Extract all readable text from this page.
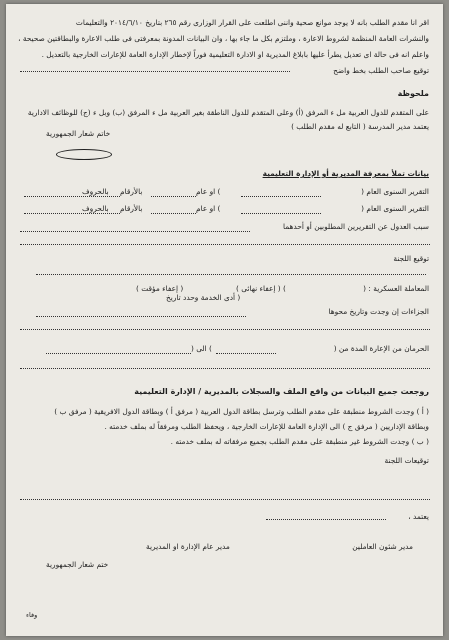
اقر انا مقدم الطلب بانه لا يوجد موانع صحية واننى اطلعت على القرار الوزارى رقم ٢٦٥ بتاريخ ٢٠١٤/٦/١٠ والتعليمات
والنشرات العامة المنظمة لشروط الاعارة ، وملتزم بكل ما جاء بها ، وان البيانات المدونة بمعرفتى فى طلب الاعارة والبطاقتين صحيحة ،
واعلم انه فى حالة اى تعديل يطرأ عليها بابلاغ المديرية او الادارة التعليمية فوراً لإخطار الإدارة العامة للإعارات الخارجية بالتعديل .
توقيع صاحب الطلب بخط واضح
ملحوظة
على المتقدم للدول العربية مل ء المرفق (أ) وعلى المتقدم للدول الناطقة بغير العربية مل ء المرفق (ب) وبل ء (ج) للوظائف الادارية
يعتمد مدير المدرسة ( التابع له مقدم الطلب )
خاتم شعار الجمهورية
بيانات تملأ بمعرفة المديرية أو الإدارة التعليمية
التقرير السنوى العام (
) او عام
بالأرقام
بالحروف
التقرير السنوى العام (
) او عام
بالأرقام
بالحروف
سبب العدول عن التقريرين المطلوبين أو أحدهما
توقيع اللجنة
المعاملة العسكرية : (
) ( إعفاء نهائى )
( إعفاء مؤقت )
( أدى الخدمة وحدد تاريخ
الجزاءات إن وجدت وتاريخ محوها
الحرمان من الإعارة المدة من (
) الى (
روجعت جميع البيانات من واقع الملف والسجلات بالمديرية / الإدارة التعليمية
( أ ) وجدت الشروط منطبقة على مقدم الطلب وترسل بطاقة الدول العربية ( مرفق أ ) وبطاقة الدول الافريقية ( مرفق ب )
وبطاقة الإداريين ( مرفق ج ) الى الإدارة العامة للإعارات الخارجية ، ويحفظ الطلب ومرفقاً له بملف خدمته .
( ب ) وجدت الشروط غير منطبقة على مقدم الطلب بجميع مرفقاته له بملف خدمته .
توقيعات اللجنة
يعتمد ،
مدير شئون العاملين
مدير عام الإدارة او المديرية
ختم شعار الجمهورية
وفاء
